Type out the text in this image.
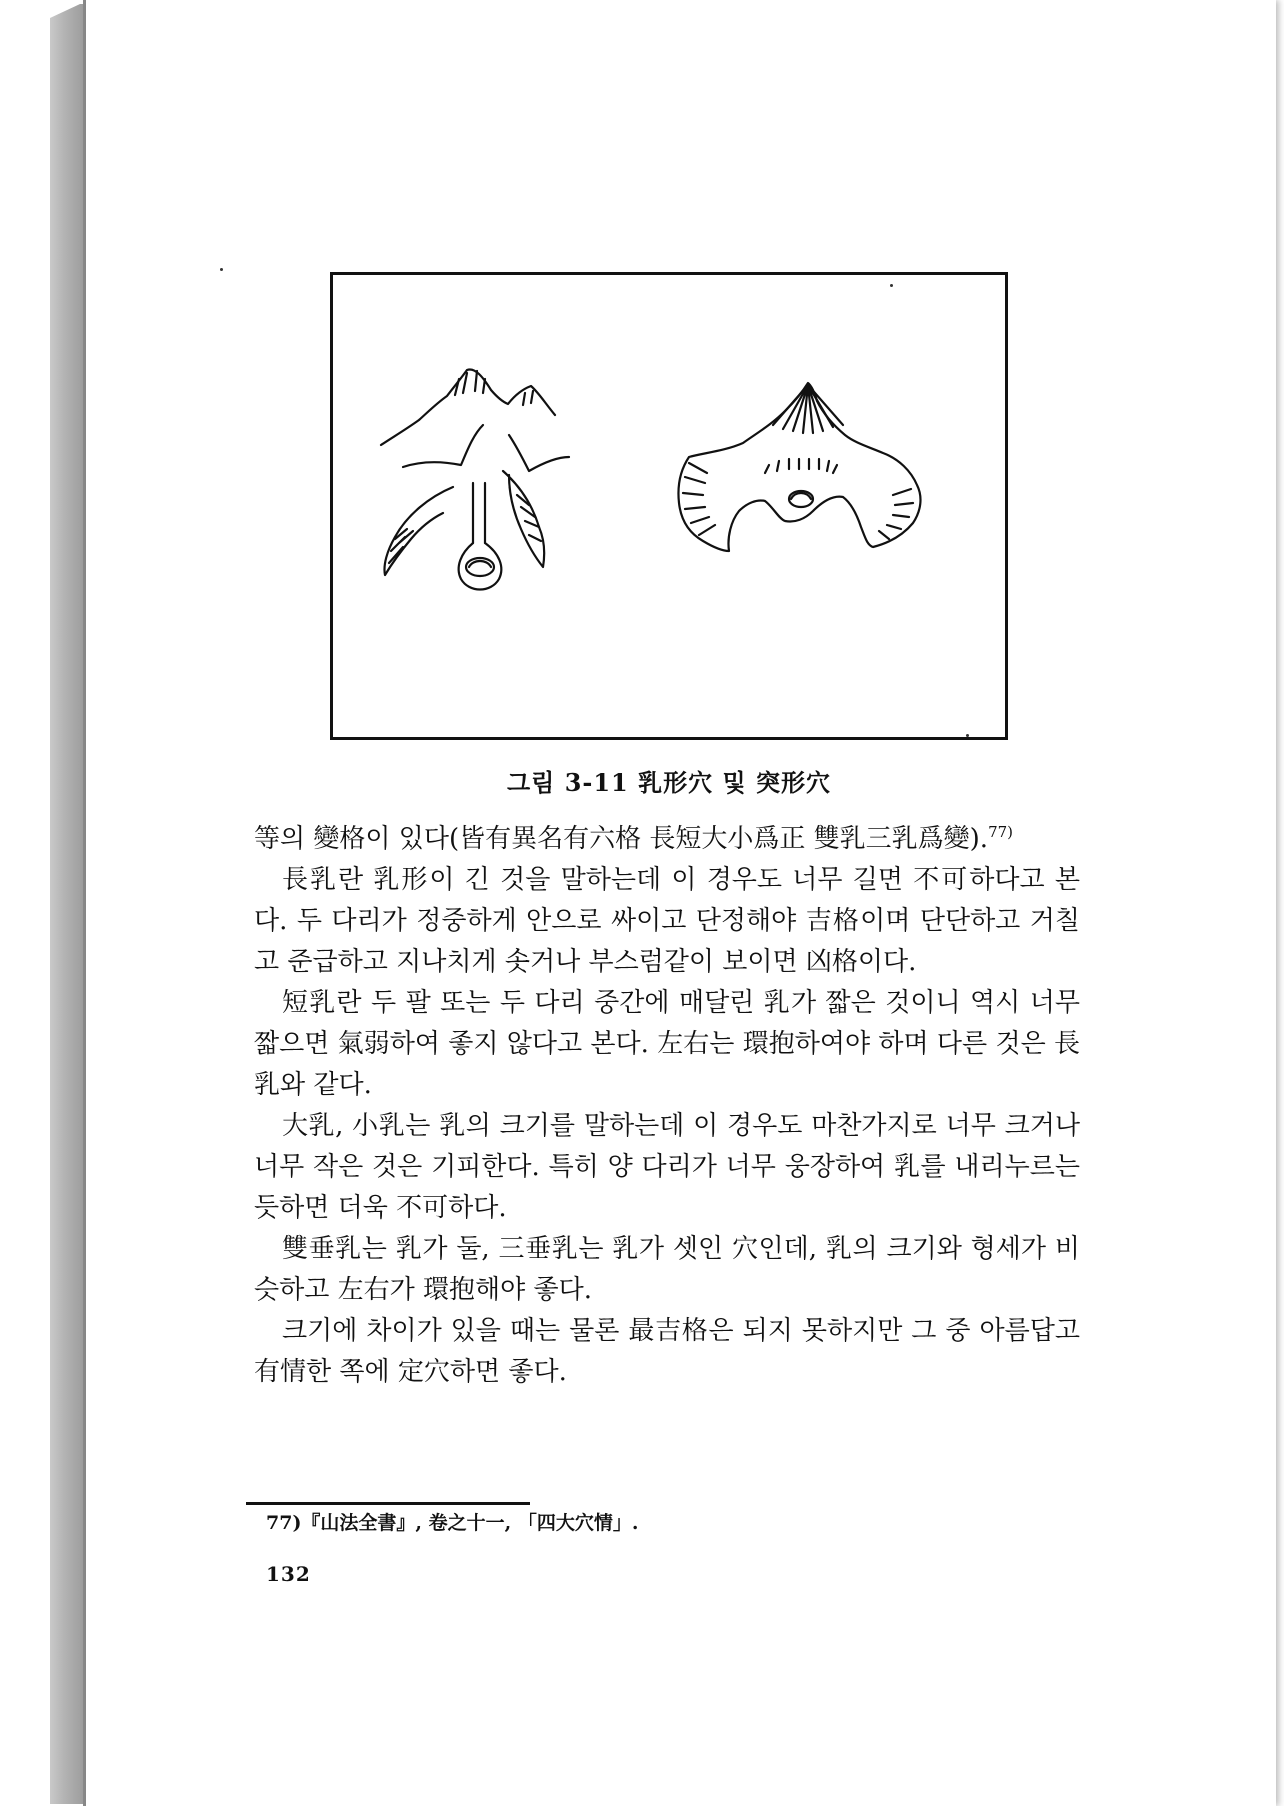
그림 3-11 乳形穴 및 突形穴

等의 變格이 있다(皆有異名有六格 長短大小爲正 雙乳三乳爲變).$^{77)}$

長乳란 乳形이 긴 것을 말하는데 이 경우도 너무 길면 不可하다고 본다. 두 다리가 정중하게 안으로 싸이고 단정해야 吉格이며 단단하고 거칠고 준급하고 지나치게 솟거나 부스럼같이 보이면 凶格이다.

短乳란 두 팔 또는 두 다리 중간에 매달린 乳가 짧은 것이니 역시 너무 짧으면 氣弱하여 좋지 않다고 본다. 左右는 環抱하여야 하며 다른 것은 長乳와 같다.

大乳, 小乳는 乳의 크기를 말하는데 이 경우도 마찬가지로 너무 크거나 너무 작은 것은 기피한다. 특히 양 다리가 너무 웅장하여 乳를 내리누르는 듯하면 더욱 不可하다.

雙垂乳는 乳가 둘, 三垂乳는 乳가 셋인 穴인데, 乳의 크기와 형세가 비슷하고 左右가 環抱해야 좋다.

크기에 차이가 있을 때는 물론 最吉格은 되지 못하지만 그 중 아름답고 有情한 쪽에 定穴하면 좋다.

77)『山法全書』, 卷之十一, 「四大穴情」.
132
